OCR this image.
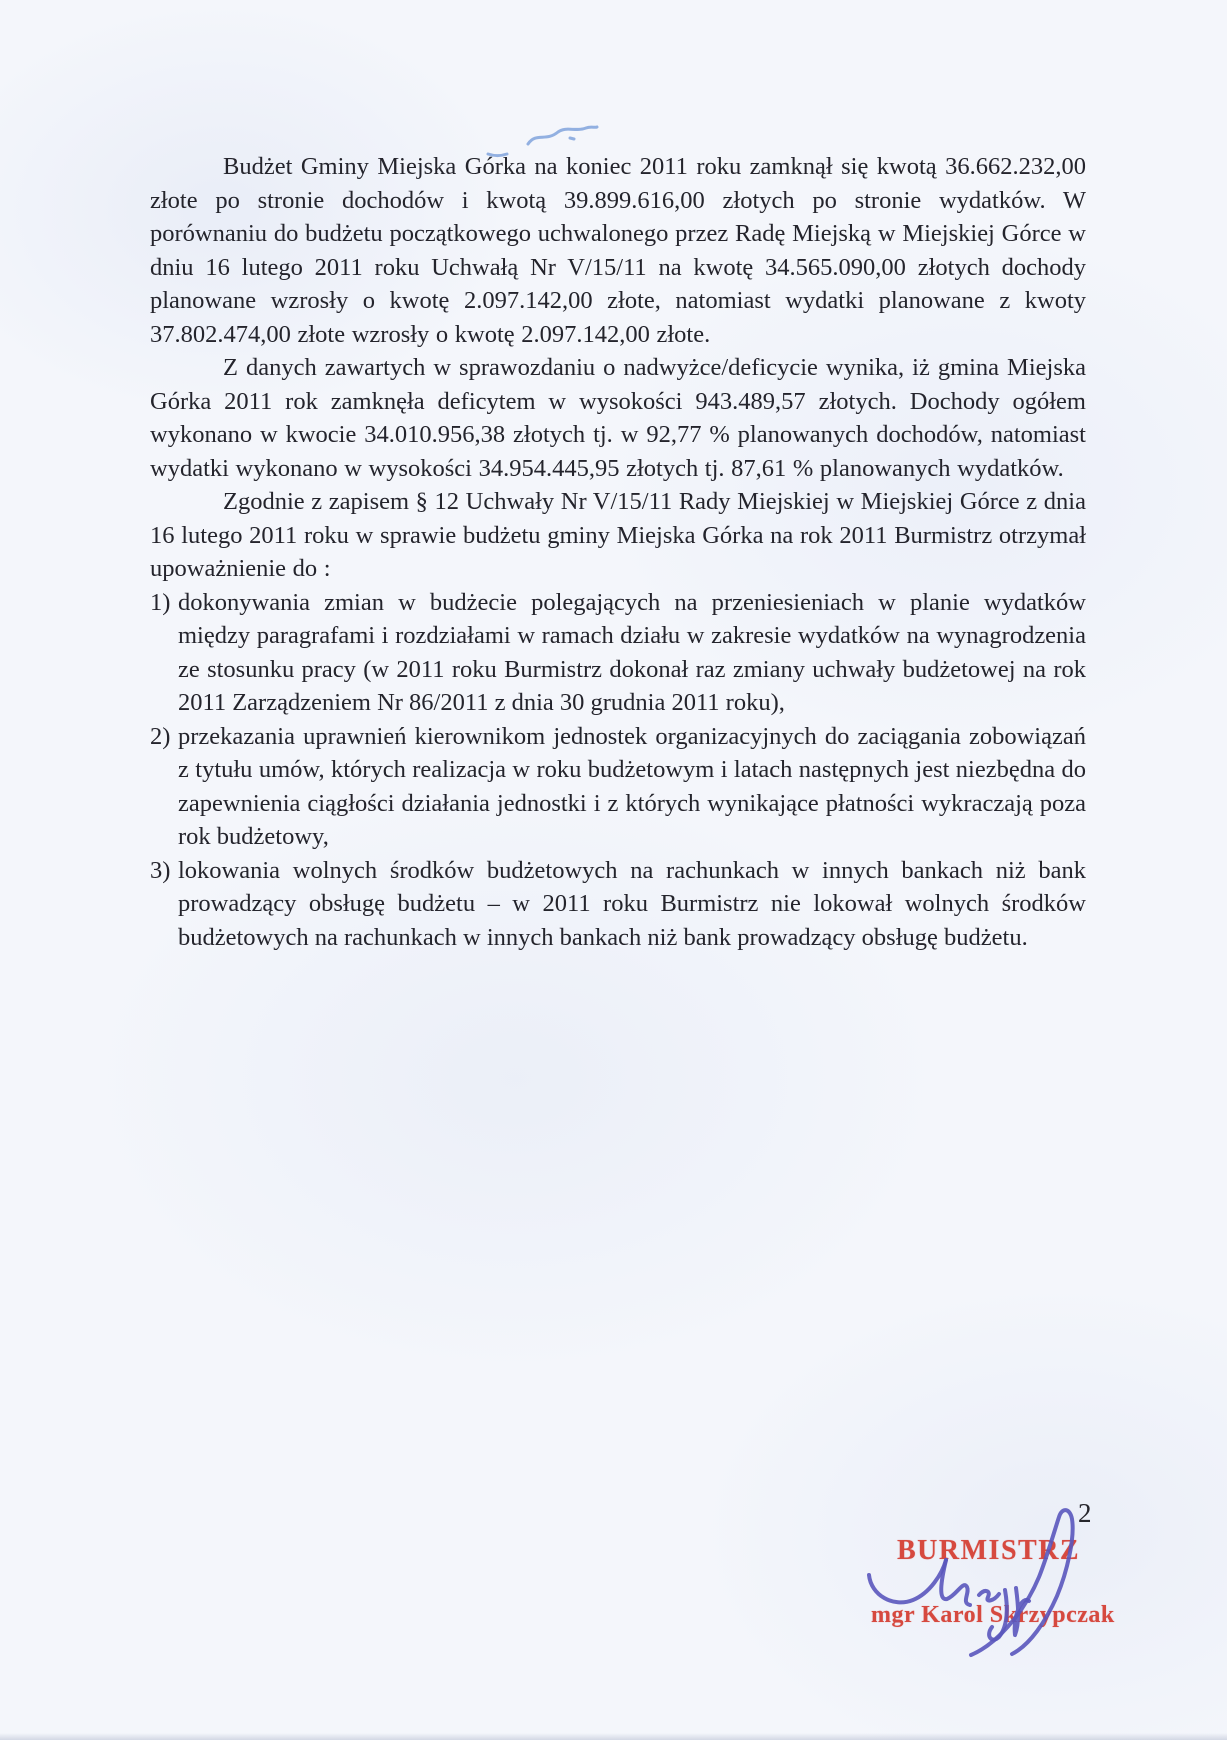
Budżet Gminy Miejska Górka na koniec 2011 roku zamknął się kwotą 36.662.232,00 złote po stronie dochodów i kwotą 39.899.616,00 złotych po stronie wydatków. W porównaniu do budżetu początkowego uchwalonego przez Radę Miejską w Miejskiej Górce w dniu 16 lutego 2011 roku Uchwałą Nr V/15/11 na kwotę 34.565.090,00 złotych dochody planowane wzrosły o kwotę 2.097.142,00 złote, natomiast wydatki planowane z kwoty 37.802.474,00 złote wzrosły o kwotę 2.097.142,00 złote.

Z danych zawartych w sprawozdaniu o nadwyżce/deficycie wynika, iż gmina Miejska Górka 2011 rok zamknęła deficytem w wysokości 943.489,57 złotych. Dochody ogółem wykonano w kwocie 34.010.956,38 złotych tj. w 92,77 % planowanych dochodów, natomiast wydatki wykonano w wysokości 34.954.445,95 złotych tj. 87,61 % planowanych wydatków.

Zgodnie z zapisem § 12 Uchwały Nr V/15/11 Rady Miejskiej w Miejskiej Górce z dnia 16 lutego 2011 roku w sprawie budżetu gminy Miejska Górka na rok 2011 Burmistrz otrzymał upoważnienie do :

1) dokonywania zmian w budżecie polegających na przeniesieniach w planie wydatków między paragrafami i rozdziałami w ramach działu w zakresie wydatków na wynagrodzenia ze stosunku pracy (w 2011 roku Burmistrz dokonał raz zmiany uchwały budżetowej na rok 2011 Zarządzeniem Nr 86/2011 z dnia 30 grudnia 2011 roku),
2) przekazania uprawnień kierownikom jednostek organizacyjnych do zaciągania zobowiązań z tytułu umów, których realizacja w roku budżetowym i latach następnych jest niezbędna do zapewnienia ciągłości działania jednostki i z których wynikające płatności wykraczają poza rok budżetowy,
3) lokowania wolnych środków budżetowych na rachunkach w innych bankach niż bank prowadzący obsługę budżetu – w 2011 roku Burmistrz nie lokował wolnych środków budżetowych na rachunkach w innych bankach niż bank prowadzący obsługę budżetu.
2
BURMISTRZ
mgr Karol Skrzypczak
